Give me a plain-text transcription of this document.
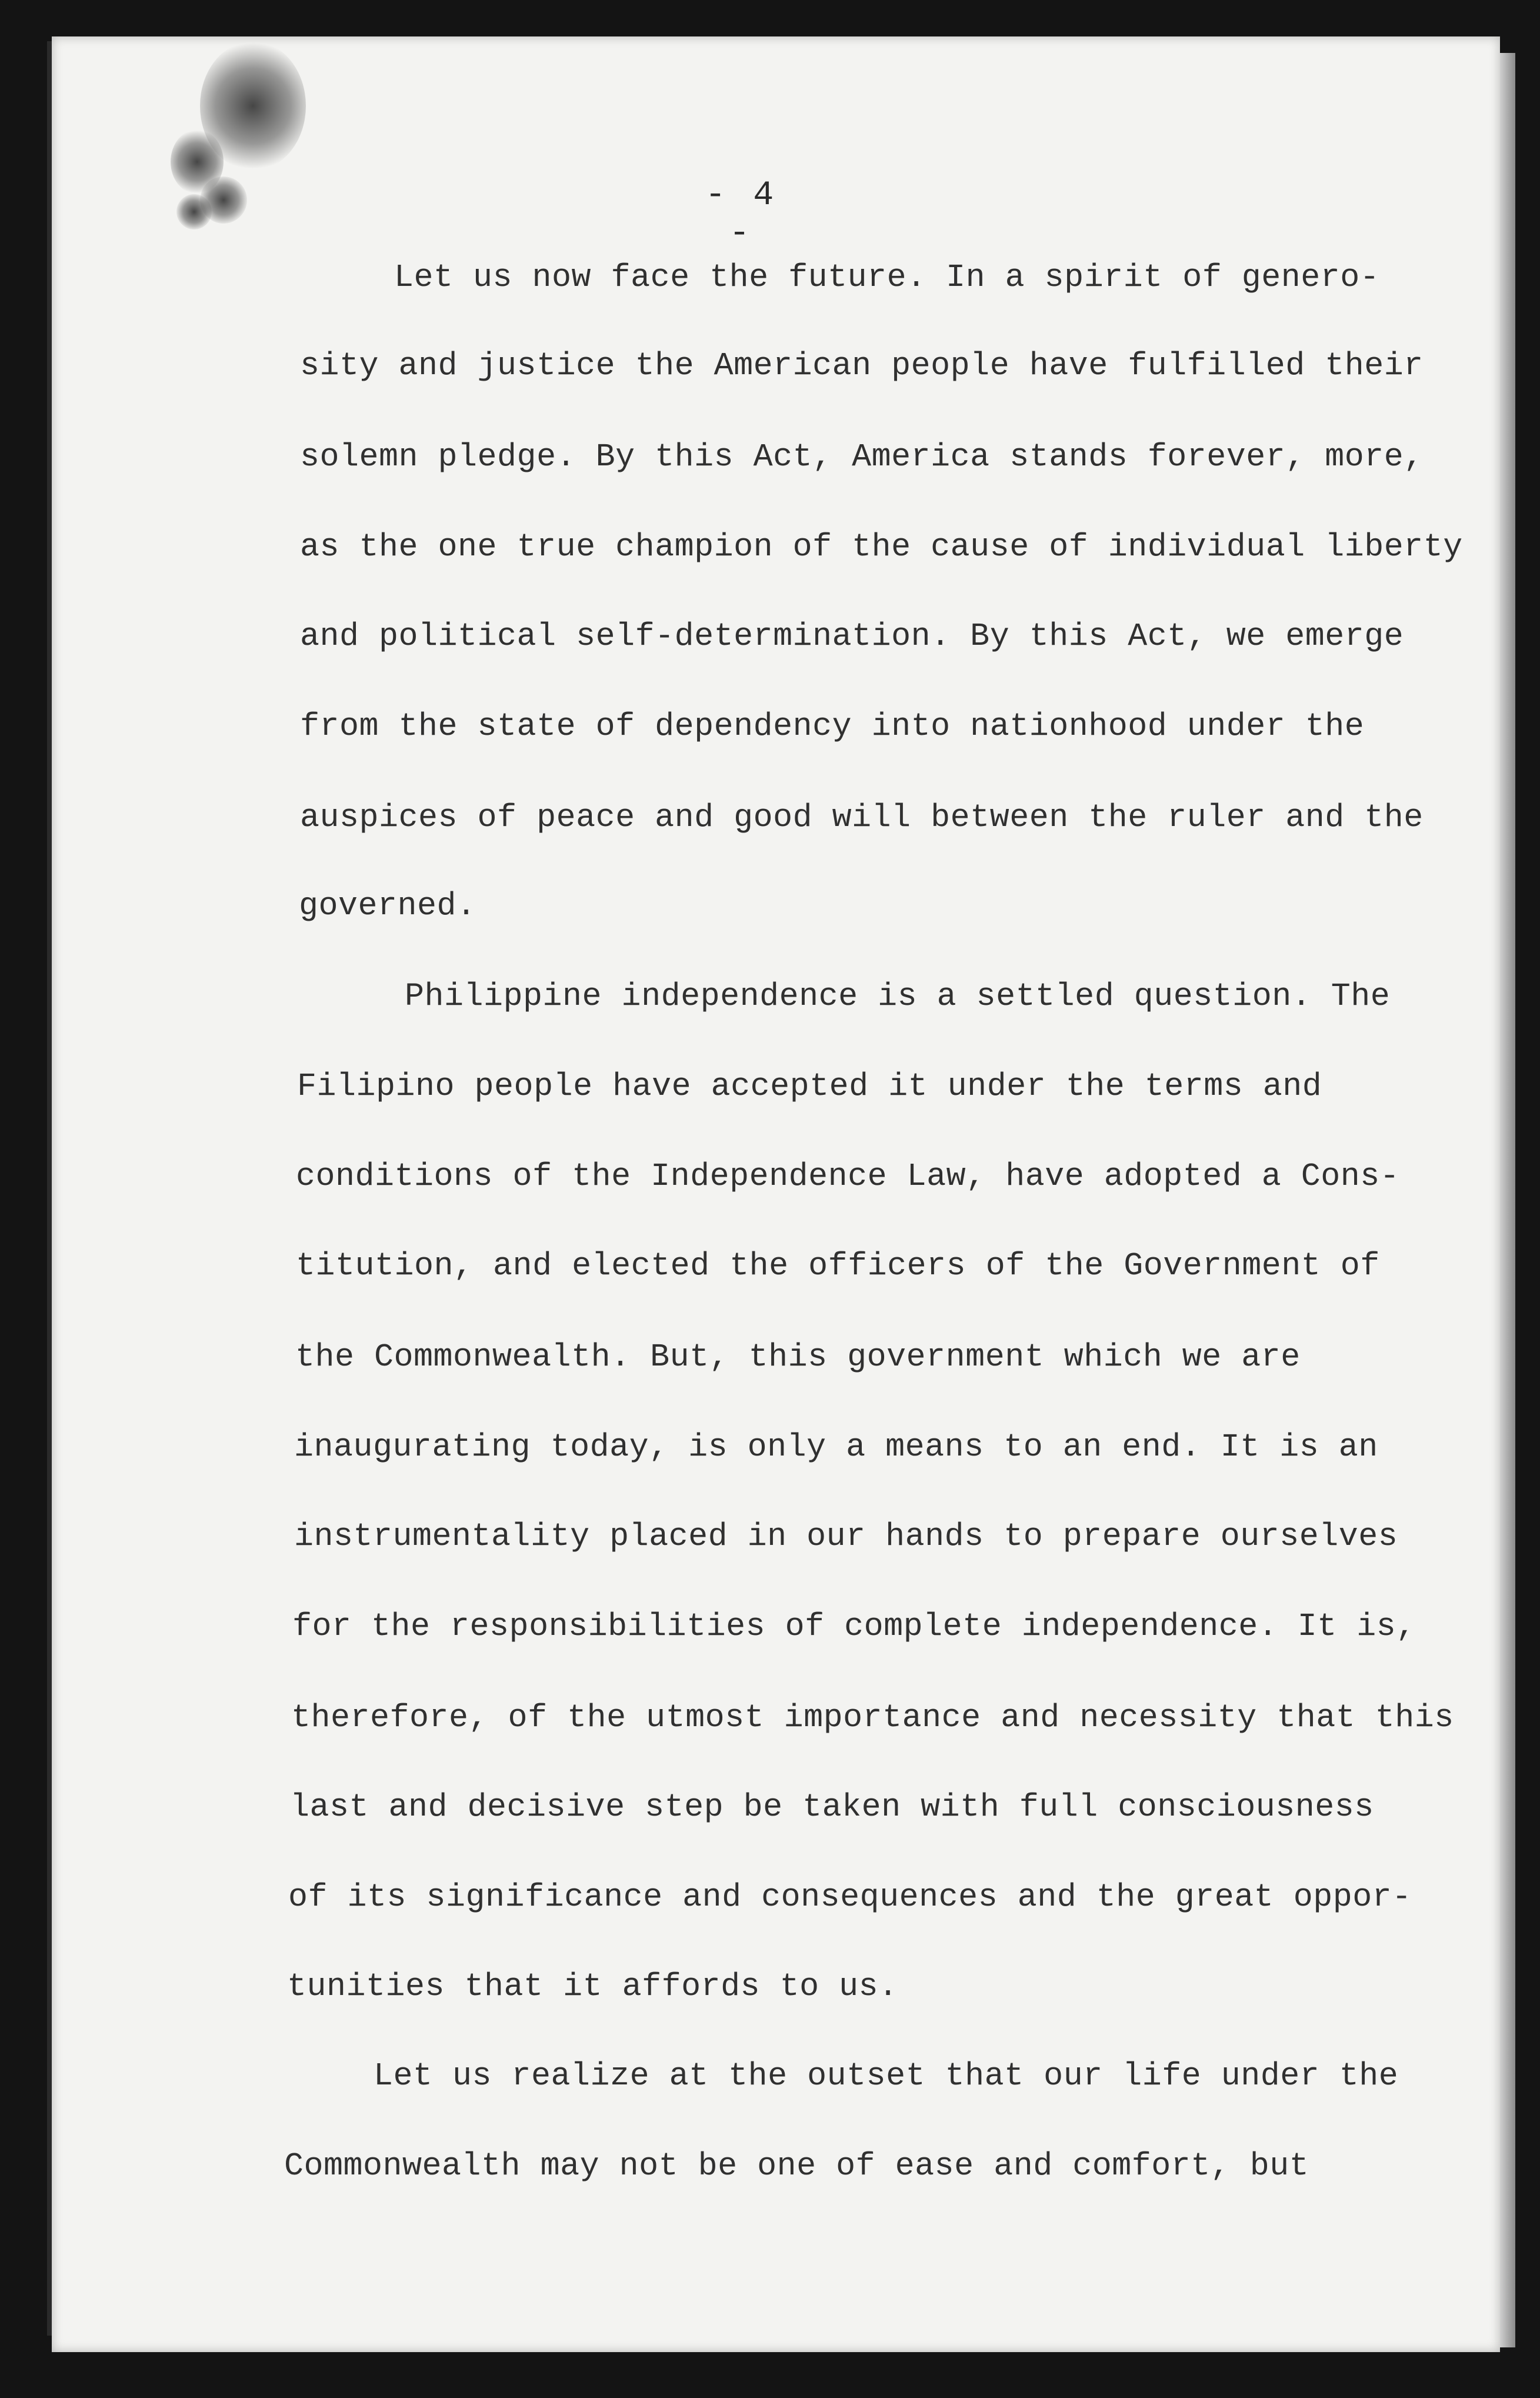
- 4 -
Let us now face the future. In a spirit of genero-
sity and justice the American people have fulfilled their
solemn pledge. By this Act, America stands forever, more,
as the one true champion of the cause of individual liberty
and political self-determination. By this Act, we emerge
from the state of dependency into nationhood under the
auspices of peace and good will between the ruler and the
governed.
Philippine independence is a settled question. The
Filipino people have accepted it under the terms and
conditions of the Independence Law, have adopted a Cons-
titution, and elected the officers of the Government of
the Commonwealth. But, this government which we are
inaugurating today, is only a means to an end. It is an
instrumentality placed in our hands to prepare ourselves
for the responsibilities of complete independence. It is,
therefore, of the utmost importance and necessity that this
last and decisive step be taken with full consciousness
of its significance and consequences and the great oppor-
tunities that it affords to us.
Let us realize at the outset that our life under the
Commonwealth may not be one of ease and comfort, but
